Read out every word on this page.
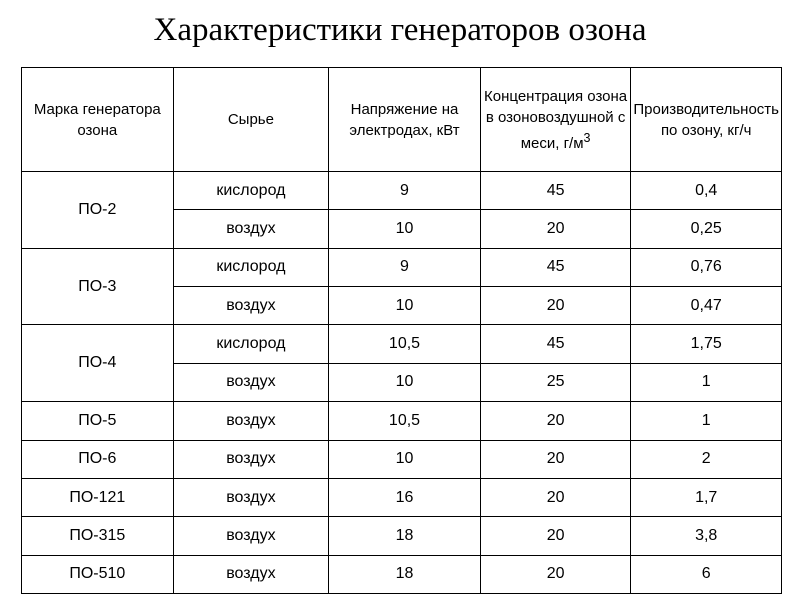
Характеристики генераторов озона
Марка генератора озона	Сырье	Напряжение на электродах, кВт	Концентрация озона в озоновоздушной смеси, $г/м^3$	Производительность по озону, кг/ч
ПО-2	кислород	9	45	0,4
	воздух	10	20	0,25
ПО-3	кислород	9	45	0,76
	воздух	10	20	0,47
ПО-4	кислород	10,5	45	1,75
	воздух	10	25	1
ПО-5	воздух	10,5	20	1
ПО-6	воздух	10	20	2
ПО-121	воздух	16	20	1,7
ПО-315	воздух	18	20	3,8
ПО-510	воздух	18	20	6
